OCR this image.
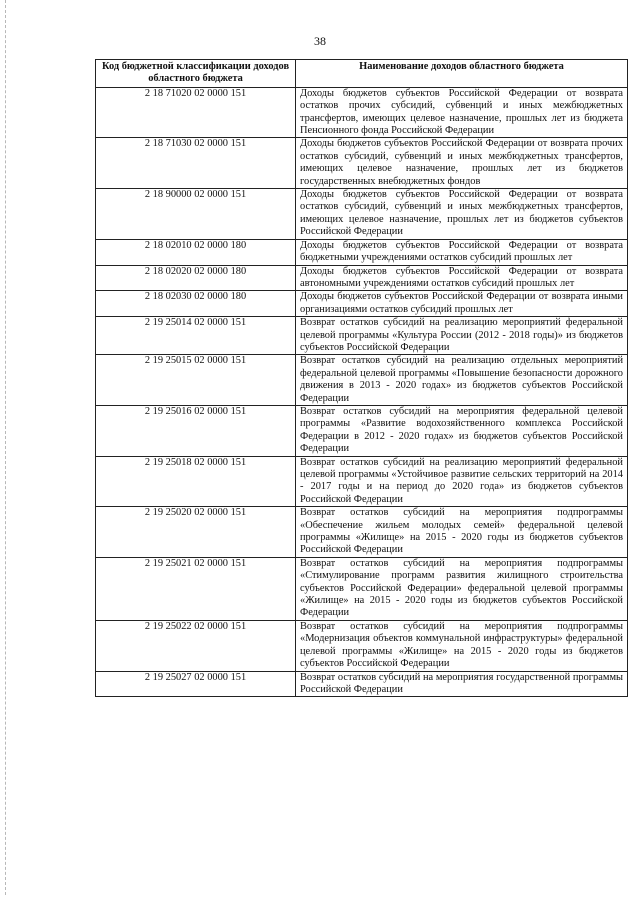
38
Код бюджетной классификации доходов областного бюджета	Наименование доходов областного бюджета
2 18 71020 02 0000 151	Доходы бюджетов субъектов Российской Федерации от возврата остатков прочих субсидий, субвенций и иных межбюджетных трансфертов, имеющих целевое назначение, прошлых лет из бюджета Пенсионного фонда Российской Федерации
2 18 71030 02 0000 151	Доходы бюджетов субъектов Российской Федерации от возврата прочих остатков субсидий, субвенций и иных межбюджетных трансфертов, имеющих целевое назначение, прошлых лет из бюджетов государственных внебюджетных фондов
2 18 90000 02 0000 151	Доходы бюджетов субъектов Российской Федерации от возврата остатков субсидий, субвенций и иных межбюджетных трансфертов, имеющих целевое назначение, прошлых лет из бюджетов субъектов Российской Федерации
2 18 02010 02 0000 180	Доходы бюджетов субъектов Российской Федерации от возврата бюджетными учреждениями остатков субсидий прошлых лет
2 18 02020 02 0000 180	Доходы бюджетов субъектов Российской Федерации от возврата автономными учреждениями остатков субсидий прошлых лет
2 18 02030 02 0000 180	Доходы бюджетов субъектов Российской Федерации от возврата иными организациями остатков субсидий прошлых лет
2 19 25014 02 0000 151	Возврат остатков субсидий на реализацию мероприятий федеральной целевой программы «Культура России (2012 - 2018 годы)» из бюджетов субъектов Российской Федерации
2 19 25015 02 0000 151	Возврат остатков субсидий на реализацию отдельных мероприятий федеральной целевой программы «Повышение безопасности дорожного движения в 2013 - 2020 годах» из бюджетов субъектов Российской Федерации
2 19 25016 02 0000 151	Возврат остатков субсидий на мероприятия федеральной целевой программы «Развитие водохозяйственного комплекса Российской Федерации в 2012 - 2020 годах» из бюджетов субъектов Российской Федерации
2 19 25018 02 0000 151	Возврат остатков субсидий на реализацию мероприятий федеральной целевой программы «Устойчивое развитие сельских территорий на 2014 - 2017 годы и на период до 2020 года» из бюджетов субъектов Российской Федерации
2 19 25020 02 0000 151	Возврат остатков субсидий на мероприятия подпрограммы «Обеспечение жильем молодых семей» федеральной целевой программы «Жилище» на 2015 - 2020 годы из бюджетов субъектов Российской Федерации
2 19 25021 02 0000 151	Возврат остатков субсидий на мероприятия подпрограммы «Стимулирование программ развития жилищного строительства субъектов Российской Федерации» федеральной целевой программы «Жилище» на 2015 - 2020 годы из бюджетов субъектов Российской Федерации
2 19 25022 02 0000 151	Возврат остатков субсидий на мероприятия подпрограммы «Модернизация объектов коммунальной инфраструктуры» федеральной целевой программы «Жилище» на 2015 - 2020 годы из бюджетов субъектов Российской Федерации
2 19 25027 02 0000 151	Возврат остатков субсидий на мероприятия государственной программы Российской Федерации
